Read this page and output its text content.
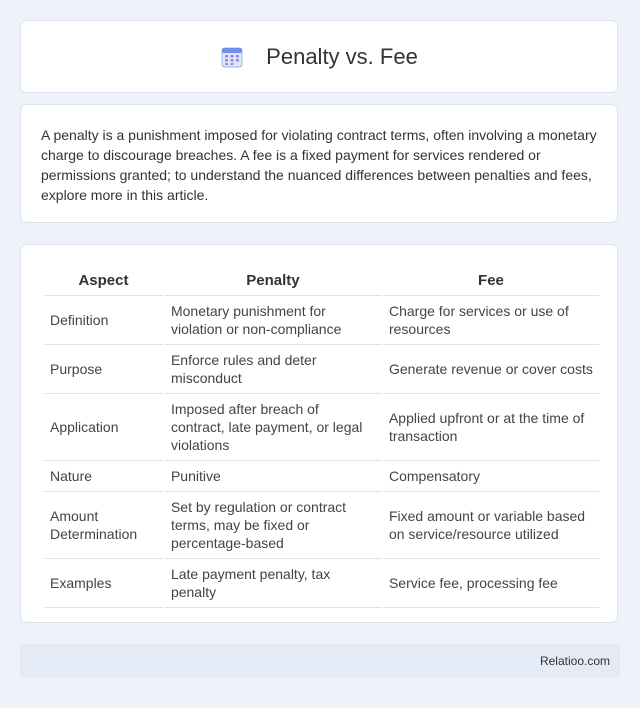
Penalty vs. Fee

A penalty is a punishment imposed for violating contract terms, often involving a monetary charge to discourage breaches. A fee is a fixed payment for services rendered or permissions granted; to understand the nuanced differences between penalties and fees, explore more in this article.

Aspect	Penalty	Fee
Definition	Monetary punishment for violation or non-compliance	Charge for services or use of resources
Purpose	Enforce rules and deter misconduct	Generate revenue or cover costs
Application	Imposed after breach of contract, late payment, or legal violations	Applied upfront or at the time of transaction
Nature	Punitive	Compensatory
Amount Determination	Set by regulation or contract terms, may be fixed or percentage-based	Fixed amount or variable based on service/resource utilized
Examples	Late payment penalty, tax penalty	Service fee, processing fee
Relatioo.com
